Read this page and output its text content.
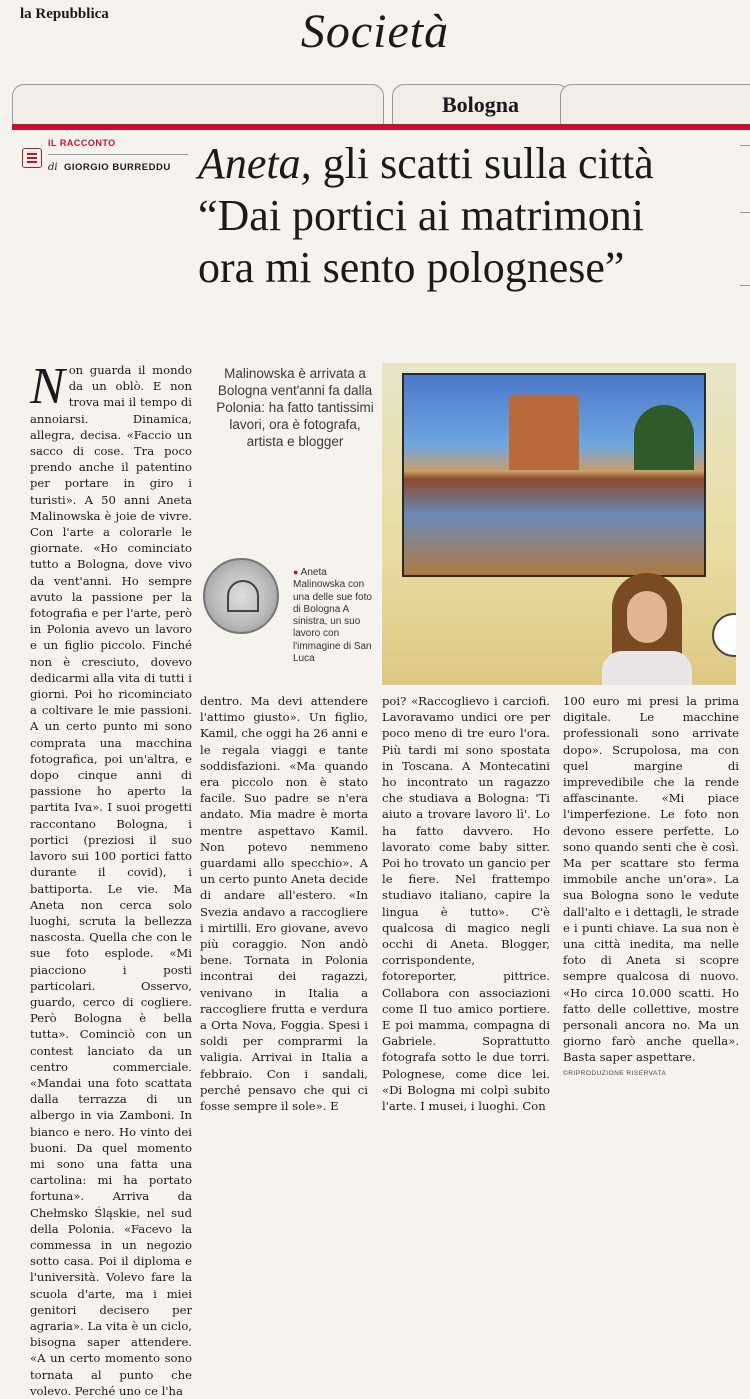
la Repubblica	Società
Bologna
IL RACCONTO
di GIORGIO BURREDDU Aneta, gli scatti sulla città
“Dai portici ai matrimoni
ora mi sento pologneseˮ
Malinowska è arrivata a Bologna vent'anni fa dalla Polonia: ha fatto tantissimi lavori, ora è fotografa, artista e blogger
● Aneta Malinowska con una delle sue foto di Bologna A sinistra, un suo lavoro con l'immagine di San Luca
Non guarda il mondo da un oblò. E non trova mai il tempo di annoiarsi. Dinamica, allegra, decisa. «Faccio un sacco di cose. Tra poco prendo anche il patentino per portare in giro i turisti». A 50 anni Aneta Malinowska è joie de vivre. Con l'arte a colorarle le giornate. «Ho cominciato tutto a Bologna, dove vivo da vent'anni. Ho sempre avuto la passione per la fotografia e per l'arte, però in Polonia avevo un lavoro e un figlio piccolo. Finché non è cresciuto, dovevo dedicarmi alla vita di tutti i giorni. Poi ho ricominciato a coltivare le mie passioni. A un certo punto mi sono comprata una macchina fotografica, poi un'altra, e dopo cinque anni di passione ho aperto la partita Iva». I suoi progetti raccontano Bologna, i portici (preziosi il suo lavoro sui 100 portici fatto durante il covid), i battiporta. Le vie. Ma Aneta non cerca solo luoghi, scruta la bellezza nascosta. Quella che con le sue foto esplode. «Mi piacciono i posti particolari. Osservo, guardo, cerco di cogliere. Però Bologna è bella tutta». Cominciò con un contest lanciato da un centro commerciale. «Mandai una foto scattata dalla terrazza di un albergo in via Zamboni. In bianco e nero. Ho vinto dei buoni. Da quel momento mi sono una fatta una cartolina: mi ha portato fortuna». Arriva da Chełmsko Śląskie, nel sud della Polonia. «Facevo la commessa in un negozio sotto casa. Poi il diploma e l'università. Volevo fare la scuola d'arte, ma i miei genitori decisero per agraria». La vita è un ciclo, bisogna saper attendere. «A un certo momento sono tornata al punto che volevo. Perché uno ce l'ha
dentro. Ma devi attendere l'attimo giusto». Un figlio, Kamil, che oggi ha 26 anni e le regala viaggi e tante soddisfazioni. «Ma quando era piccolo non è stato facile. Suo padre se n'era andato. Mia madre è morta mentre aspettavo Kamil. Non potevo nemmeno guardami allo specchio». A un certo punto Aneta decide di andare all'estero. «In Svezia andavo a raccogliere i mirtilli. Ero giovane, avevo più coraggio. Non andò bene. Tornata in Polonia incontrai dei ragazzi, venivano in Italia a raccogliere frutta e verdura a Orta Nova, Foggia. Spesi i soldi per comprarmi la valigia. Arrivai in Italia a febbraio. Con i sandali, perché pensavo che qui ci fosse sempre il sole». E
poi? «Raccoglievo i carciofi. Lavoravamo undici ore per poco meno di tre euro l'ora. Più tardi mi sono spostata in Toscana. A Montecatini ho incontrato un ragazzo che studiava a Bologna: 'Ti aiuto a trovare lavoro lì'. Lo ha fatto davvero. Ho lavorato come baby sitter. Poi ho trovato un gancio per le fiere. Nel frattempo studiavo italiano, capire la lingua è tutto». C'è qualcosa di magico negli occhi di Aneta. Blogger, corrispondente, fotoreporter, pittrice. Collabora con associazioni come Il tuo amico portiere. E poi mamma, compagna di Gabriele. Soprattutto fotografa sotto le due torri. Polognese, come dice lei. «Di Bologna mi colpì subito l'arte. I musei, i luoghi. Con
100 euro mi presi la prima digitale. Le macchine professionali sono arrivate dopo». Scrupolosa, ma con quel margine di imprevedibile che la rende affascinante. «Mi piace l'imperfezione. Le foto non devono essere perfette. Lo sono quando senti che è così. Ma per scattare sto ferma immobile anche un'ora». La sua Bologna sono le vedute dall'alto e i dettagli, le strade e i punti chiave. La sua non è una città inedita, ma nelle foto di Aneta si scopre sempre qualcosa di nuovo. «Ho circa 10.000 scatti. Ho fatto delle collettive, mostre personali ancora no. Ma un giorno farò anche quella». Basta saper aspettare.
©RIPRODUZIONE RISERVATA
